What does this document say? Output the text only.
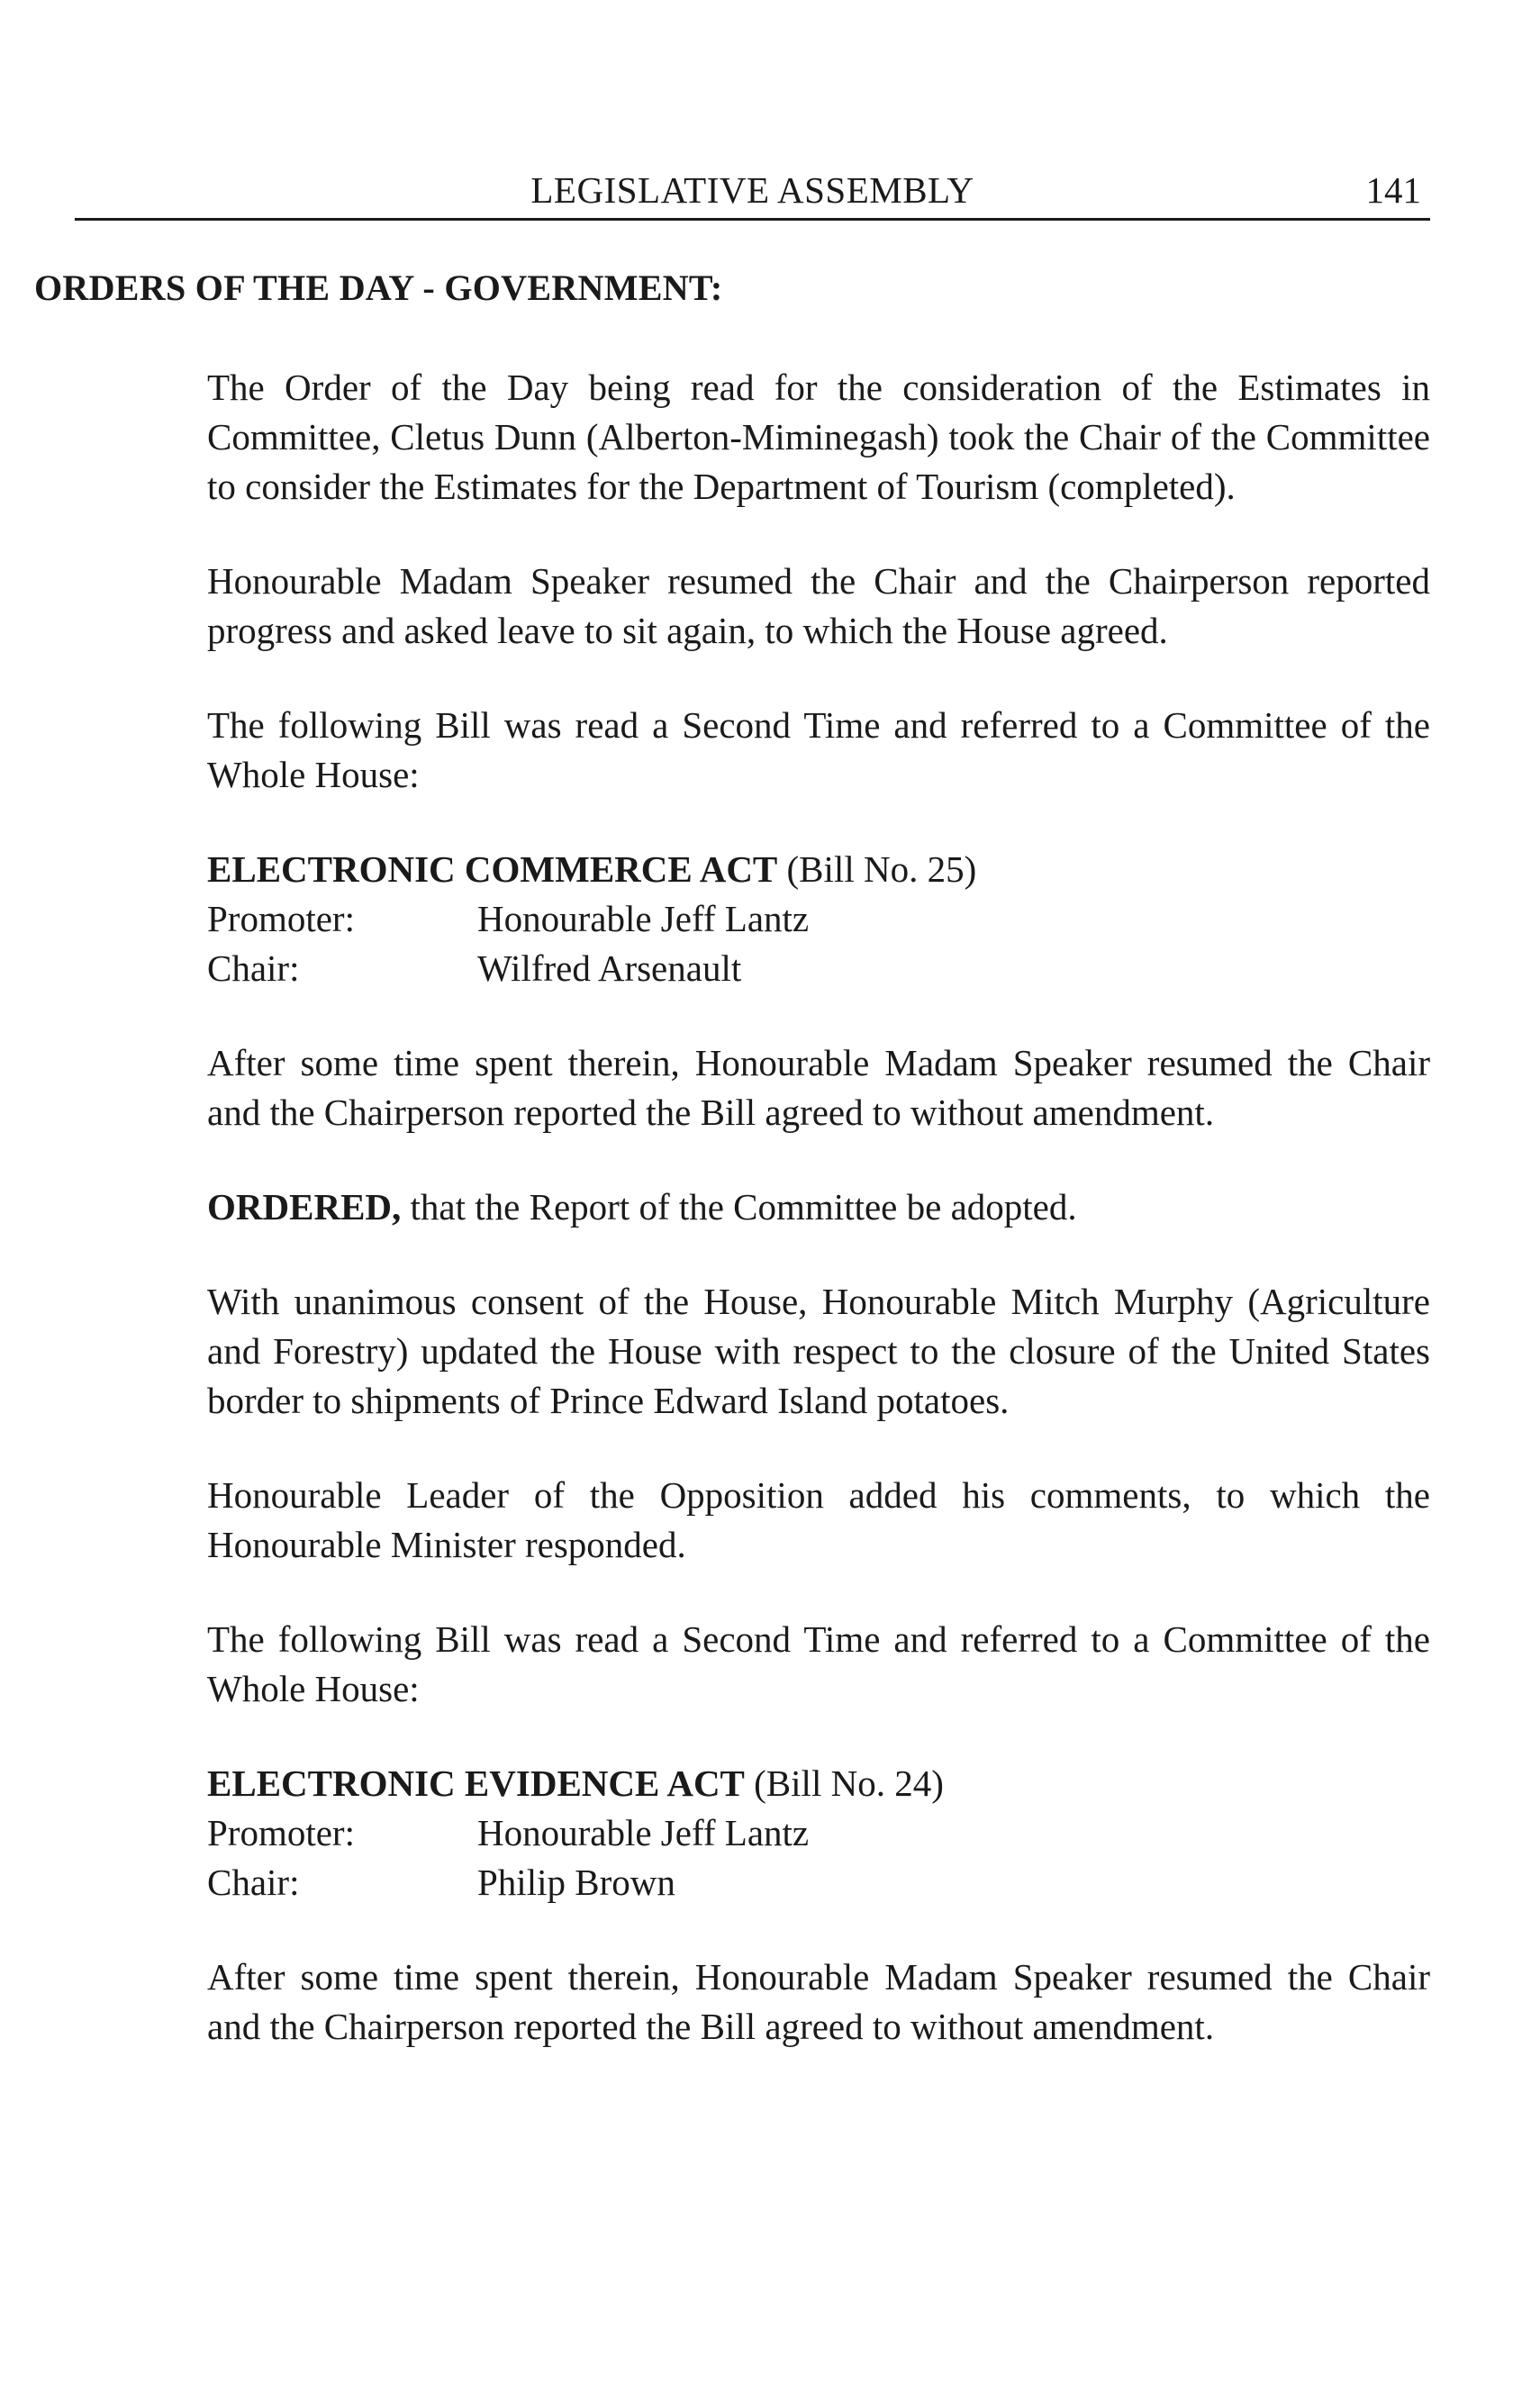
LEGISLATIVE ASSEMBLY	141
ORDERS OF THE DAY - GOVERNMENT:

The Order of the Day being read for the consideration of the Estimates in Committee, Cletus Dunn (Alberton-Miminegash) took the Chair of the Committee to consider the Estimates for the Department of Tourism (completed).

Honourable Madam Speaker resumed the Chair and the Chairperson reported progress and asked leave to sit again, to which the House agreed.

The following Bill was read a Second Time and referred to a Committee of the Whole House:

ELECTRONIC COMMERCE ACT (Bill No. 25)

Promoter:	Honourable Jeff Lantz
Chair:	Wilfred Arsenault

After some time spent therein, Honourable Madam Speaker resumed the Chair and the Chairperson reported the Bill agreed to without amendment.

ORDERED, that the Report of the Committee be adopted.

With unanimous consent of the House, Honourable Mitch Murphy (Agriculture and Forestry) updated the House with respect to the closure of the United States border to shipments of Prince Edward Island potatoes.

Honourable Leader of the Opposition added his comments, to which the Honourable Minister responded.

The following Bill was read a Second Time and referred to a Committee of the Whole House:

ELECTRONIC EVIDENCE ACT (Bill No. 24)

Promoter:	Honourable Jeff Lantz
Chair:	Philip Brown

After some time spent therein, Honourable Madam Speaker resumed the Chair and the Chairperson reported the Bill agreed to without amendment.
